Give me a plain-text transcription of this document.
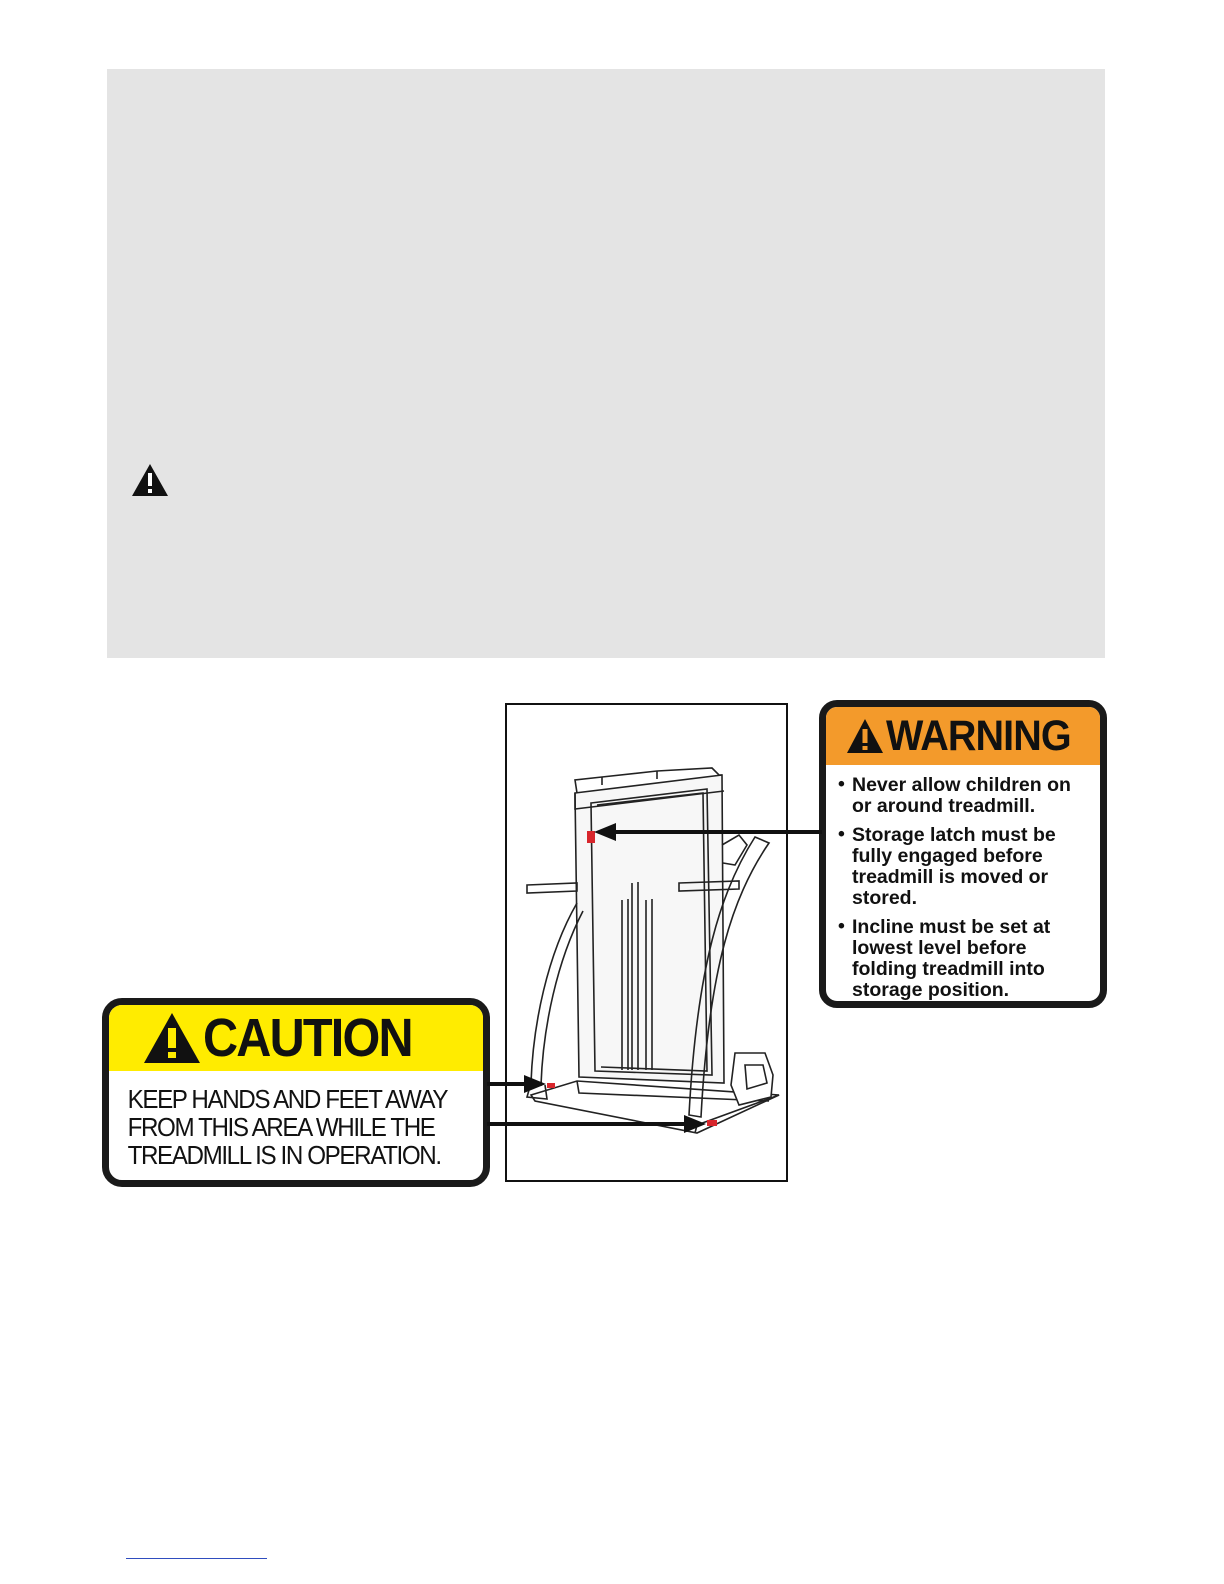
WARNING
• Never allow children on or around treadmill.
• Storage latch must be fully engaged before treadmill is moved or stored.
• Incline must be set at lowest level before folding treadmill into storage position.
CAUTION
KEEP HANDS AND FEET AWAY
FROM THIS AREA WHILE THE
TREADMILL IS IN OPERATION.
